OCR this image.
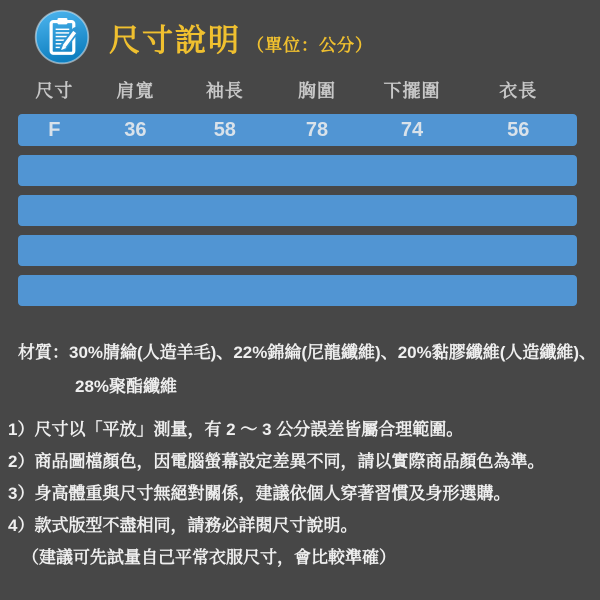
尺寸說明 （單位：公分）
尺寸	肩寬	袖長	胸圍	下擺圍	衣長
F	36	58	78	74	56
材質：30%腈綸(人造羊毛)、22%錦綸(尼龍纖維)、20%黏膠纖維(人造纖維)、
28%聚酯纖維
1）尺寸以「平放」測量，有 2 ～ 3 公分誤差皆屬合理範圍。
2）商品圖檔顏色，因電腦螢幕設定差異不同，請以實際商品顏色為準。
3）身高體重與尺寸無絕對關係，建議依個人穿著習慣及身形選購。
4）款式版型不盡相同，請務必詳閱尺寸說明。
（建議可先試量自己平常衣服尺寸，會比較準確）
